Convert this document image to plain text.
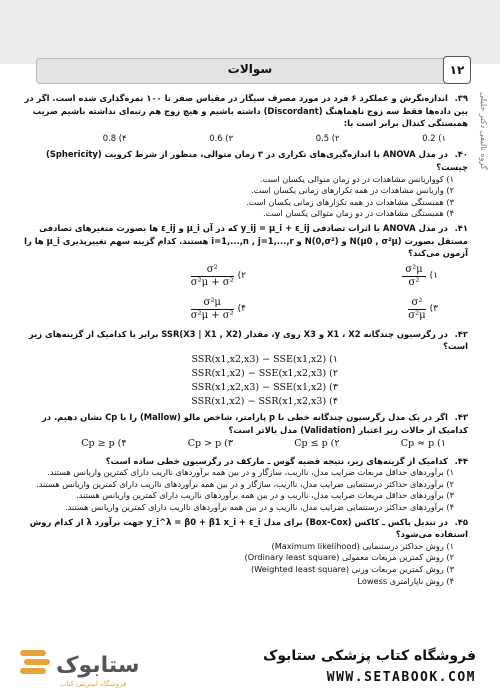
سوالات	۱۲
گروه تالیفی دکتر خلیلی
۳۹. اندازه‌نگرش و عملکرد ۶ فرد در مورد مصرف سیگار در مقیاس صفر تا ۱۰۰ نمره‌گذاری شده است. اگر در بین داده‌ها فقط سه زوج ناهماهنگ (Discordant) داشته باشیم و هیچ زوج هم رتبه‌ای نداشته باشیم ضریب همبستگی کندال برابر است با:
۱) 0.2
۲) 0.5
۳) 0.6
۴) 0.8
۴۰. در مدل ANOVA با اندازه‌گیری‌های تکراری در ۳ زمان متوالی، منظور از شرط کرویت (Sphericity) چیست؟
۱) کوواریانس مشاهدات در دو زمان متوالی یکسان است.
۲) واریانس مشاهدات در همه تکرارهای زمانی یکسان است.
۳) همبستگی مشاهدات در همه تکرارهای زمانی یکسان است.
۴) همبستگی مشاهدات در دو زمان متوالی یکسان است.
۴۱. در مدل ANOVA با اثرات تصادفی y_ij = μ_i + ε_ij که در آن μ_i و ε_ij ها بصورت متغیرهای تصادفی مستقل بصورت N(μ0 , σ²μ) و N(0,σ²) و i=1,...,n , j=1,...,r هستند. کدام گزینه سهم تغییرپذیری μ_i ها را آزمون می‌کند؟
۱)
$\frac{\text{σ²μ}}{\text{σ²}}$
۲)
$\frac{\text{σ²}}{\text{σ²μ + σ²}}$
۳)
$\frac{\text{σ²}}{\text{σ²μ}}$
۴)
$\frac{\text{σ²μ}}{\text{σ²μ + σ²}}$
۴۲. در رگرسیون چندگانه X1 ، X2 و X3 روی y، مقدار SSR(X3 | X1 , X2) برابر با کدامیک از گزینه‌های زیر است؟
۱) SSR(x1,x2,x3) − SSE(x1,x2)
۲) SSR(x1,x2) − SSE(x1,x2,x3)
۳) SSR(x1,x2,x3) − SSE(x1,x2)
۴) SSR(x1,x2) − SSR(x1,x2,x3)
۴۳. اگر در یک مدل رگرسیون چندگانه خطی با p پارامتر، شاخص مالو (Mallow) را با Cp نشان دهیم. در کدامیک از حالات زیر اعتبار (Validation) مدل بالاتر است؟
۱) Cp ≈ p
۲) Cp ≤ p
۳) Cp > p
۴) Cp ≥ p
۴۴. کدامیک از گزینه‌های زیر، نتیجه قضیه گوس ـ مارکف در رگرسیون خطی ساده است؟
۱) برآوردهای حداقل مربعات ضرایب مدل، نااریب، سازگار و در بین همه برآوردهای نااریب دارای کمترین واریانس هستند.
۲) برآوردهای حداکثر درستنمایی ضرایب مدل، نااریب، سازگار و در بین همه برآوردهای نااریب دارای کمترین واریانس هستند.
۳) برآوردهای حداقل مربعات ضرایب مدل، نااریب و در بین همه برآوردهای نااریب دارای کمترین واریانس هستند.
۴) برآوردهای حداکثر درستنمایی ضرایب مدل، نااریب و در بین همه برآوردهای نااریب دارای کمترین واریانس هستند.
۴۵. در تبدیل باکس ـ کاکس (Box-Cox) برای مدل y_i^λ = β0 + β1 x_i + ε_i جهت برآورد λ از کدام روش استفاده می‌شود؟
۱) روش حداکثر درستنمایی (Maximum likelihood)
۲) روش کمترین مربعات معمولی (Ordinary least square)
۳) روش کمترین مربعات وزنی (Weighted least square)
۴) روش ناپارامتری Lowess
ستابوک
فروشگاه اینترنتی کتاب
فروشگاه کتاب پزشکی ستابوک
WWW.SETABOOK.COM
